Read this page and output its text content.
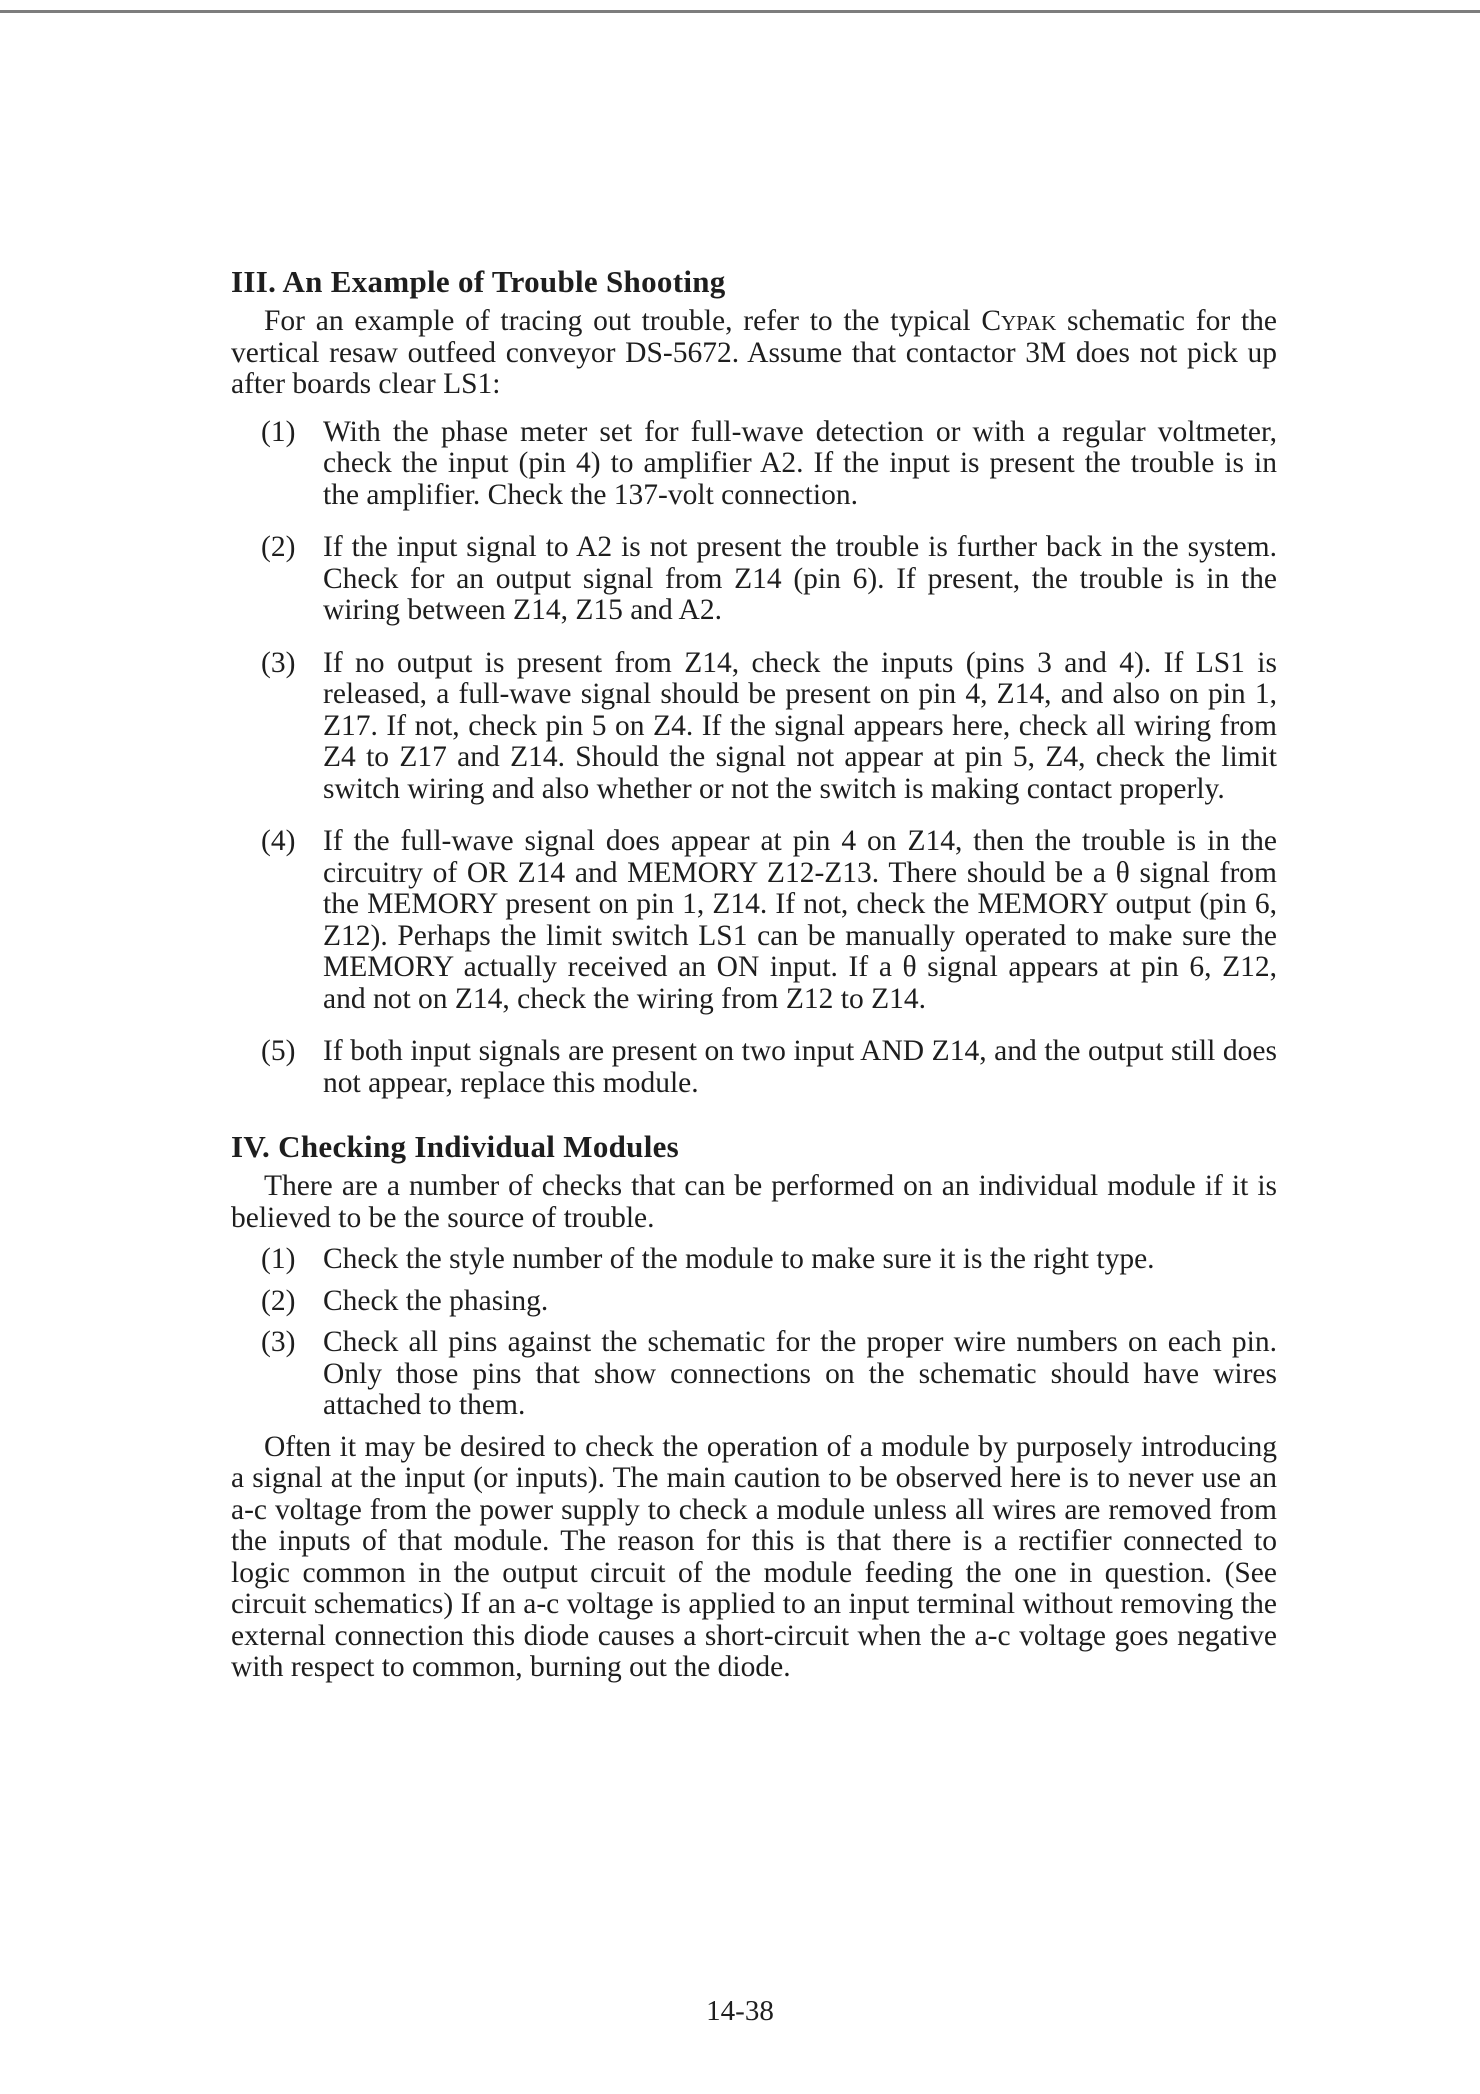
III. An Example of Trouble Shooting

For an example of tracing out trouble, refer to the typical Cypak schematic for the vertical resaw outfeed conveyor DS-5672. Assume that contactor 3M does not pick up after boards clear LS1:

(1) With the phase meter set for full-wave detection or with a regular voltmeter, check the input (pin 4) to amplifier A2. If the input is present the trouble is in the amplifier. Check the 137-volt connection.
(2) If the input signal to A2 is not present the trouble is further back in the system. Check for an output signal from Z14 (pin 6). If present, the trouble is in the wiring between Z14, Z15 and A2.
(3) If no output is present from Z14, check the inputs (pins 3 and 4). If LS1 is released, a full-wave signal should be present on pin 4, Z14, and also on pin 1, Z17. If not, check pin 5 on Z4. If the signal appears here, check all wiring from Z4 to Z17 and Z14. Should the signal not appear at pin 5, Z4, check the limit switch wiring and also whether or not the switch is making contact properly.
(4) If the full-wave signal does appear at pin 4 on Z14, then the trouble is in the circuitry of OR Z14 and MEMORY Z12-Z13. There should be a θ signal from the MEMORY present on pin 1, Z14. If not, check the MEMORY output (pin 6, Z12). Perhaps the limit switch LS1 can be manually operated to make sure the MEMORY actually received an ON input. If a θ signal appears at pin 6, Z12, and not on Z14, check the wiring from Z12 to Z14.
(5) If both input signals are present on two input AND Z14, and the output still does not appear, replace this module.
IV. Checking Individual Modules

There are a number of checks that can be performed on an individual module if it is believed to be the source of trouble.

(1) Check the style number of the module to make sure it is the right type.
(2) Check the phasing.
(3) Check all pins against the schematic for the proper wire numbers on each pin. Only those pins that show connections on the schematic should have wires attached to them.

Often it may be desired to check the operation of a module by purposely introducing a signal at the input (or inputs). The main caution to be observed here is to never use an a-c voltage from the power supply to check a module unless all wires are removed from the inputs of that module. The reason for this is that there is a rectifier connected to logic common in the output circuit of the module feeding the one in question. (See circuit schematics) If an a-c voltage is applied to an input terminal without removing the external connection this diode causes a short-circuit when the a-c voltage goes negative with respect to common, burning out the diode.

14-38
